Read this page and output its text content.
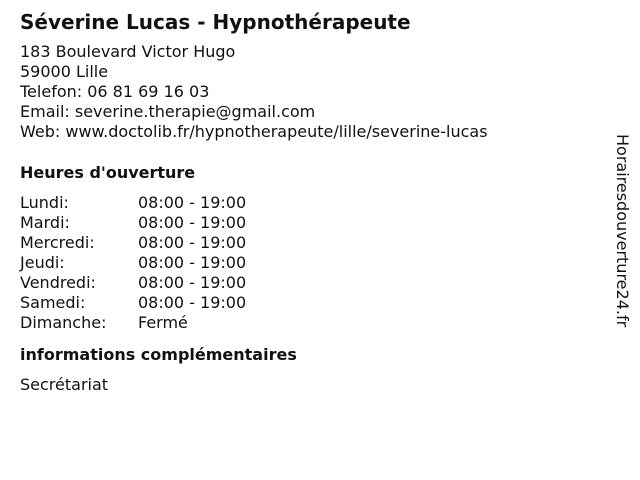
Séverine Lucas - Hypnothérapeute
183 Boulevard Victor Hugo
59000 Lille
Telefon: 06 81 69 16 03
Email: severine.therapie@gmail.com
Web: www.doctolib.fr/hypnotherapeute/lille/severine-lucas
Heures d'ouverture
Lundi:	08:00 - 19:00
Mardi:	08:00 - 19:00
Mercredi:	08:00 - 19:00
Jeudi:	08:00 - 19:00
Vendredi:	08:00 - 19:00
Samedi:	08:00 - 19:00
Dimanche:	Fermé
informations complémentaires
Secrétariat
Horairesdouverture24.fr
